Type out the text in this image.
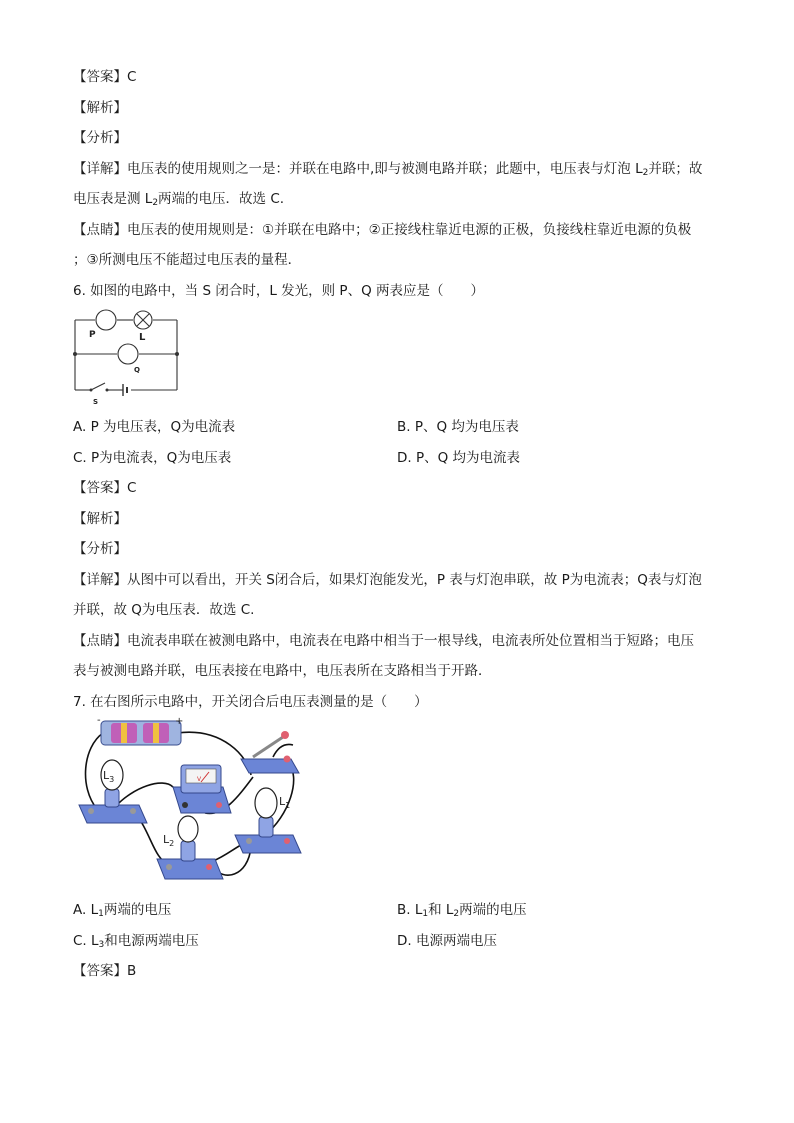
【答案】C
【解析】
【分析】
【详解】电压表的使用规则之一是：并联在电路中,即与被测电路并联；此题中，电压表与灯泡 $L_2$并联；故
电压表是测 $L_2$两端的电压．故选 C.
【点睛】电压表的使用规则是：①并联在电路中；②正接线柱靠近电源的正极，负接线柱靠近电源的负极
；③所测电压不能超过电压表的量程．
6. 如图的电路中，当 S 闭合时，L 发光，则 P、Q 两表应是（　　）
P	L
Q
S
A. P 为电压表，Q为电流表	B. P、Q 均为电压表
C. P为电流表，Q为电压表	D. P、Q 均为电流表
【答案】C
【解析】
【分析】
【详解】从图中可以看出，开关 S闭合后，如果灯泡能发光，P 表与灯泡串联，故 P为电流表；Q表与灯泡
并联，故 Q为电压表．故选 C.
【点睛】电流表串联在被测电路中，电流表在电路中相当于一根导线，电流表所处位置相当于短路；电压
表与被测电路并联，电压表接在电路中，电压表所在支路相当于开路．
7. 在右图所示电路中，开关闭合后电压表测量的是（　　）
-	+
V
$L_3$
$L_1$
$L_2$
A. $L_1$两端的电压	B. $L_1$和 $L_2$两端的电压
C. $L_3$和电源两端电压	D. 电源两端电压
【答案】B
